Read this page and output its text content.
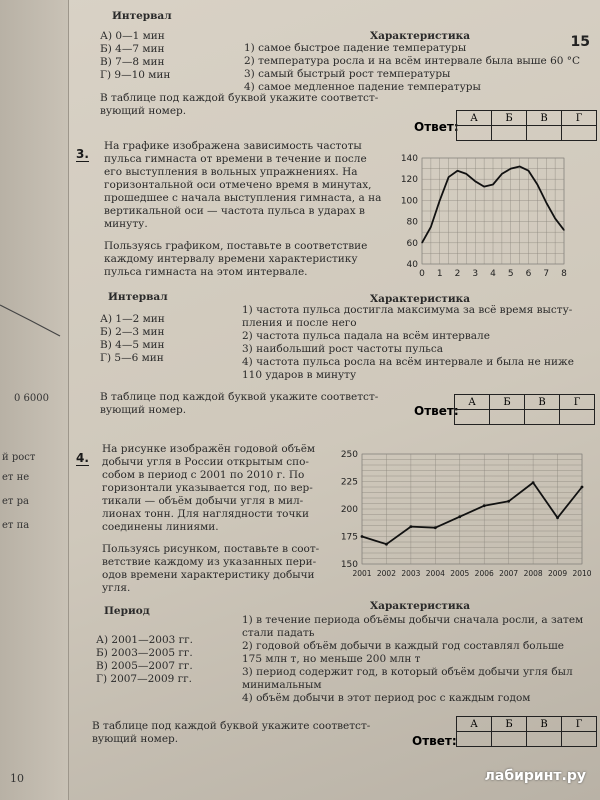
0 6000
й рост
ет не
ет ра
ет па
10
15
Интервал
Характеристика
А) 0—1 мин
Б) 4—7 мин
В) 7—8 мин
Г) 9—10 мин
1) самое быстрое падение температуры
2) температура росла и на всём интервале была выше 60 °С
3) самый быстрый рост температуры
4) самое медленное падение температуры
В таблице под каждой буквой укажите соответст-
вующий номер.
Ответ:
А	Б	В	Г

3.
На графике изображена зависимость частоты
пульса гимнаста от времени в течение и после
его выступления в вольных упражнениях. На
горизонтальной оси отмечено время в минутах,
прошедшее с начала выступления гимнаста, а на
вертикальной оси — частота пульса в ударах в
минуту.
Пользуясь графиком, поставьте в соответствие
каждому интервалу времени характеристику
пульса гимнаста на этом интервале.
40
60
80
100
120
140
0 1 2 3 4 5 6 7 8
Интервал	Характеристика
А) 1—2 мин
Б) 2—3 мин
В) 4—5 мин
Г) 5—6 мин
1) частота пульса достигла максимума за всё время высту-
пления и после него
2) частота пульса падала на всём интервале
3) наибольший рост частоты пульса
4) частота пульса росла на всём интервале и была не ниже
110 ударов в минуту
В таблице под каждой буквой укажите соответст-
вующий номер.	Ответ:
А	Б	В	Г

4.
На рисунке изображён годовой объём
добычи угля в России открытым спо-
собом в период с 2001 по 2010 г. По
горизонтали указывается год, по вер-
тикали — объём добычи угля в мил-
лионах тонн. Для наглядности точки
соединены линиями.
Пользуясь рисунком, поставьте в соот-
ветствие каждому из указанных пери-
одов времени характеристику добычи
угля.
150
175
200
225
250
2001 2002 2003 2004 2005 2006 2007 2008 2009 2010
Период	Характеристика
А) 2001—2003 гг.
Б) 2003—2005 гг.
В) 2005—2007 гг.
Г) 2007—2009 гг.
1) в течение периода объёмы добычи сначала росли, а затем
стали падать
2) годовой объём добычи в каждый год составлял больше
175 млн т, но меньше 200 млн т
3) период содержит год, в который объём добычи угля был
минимальным
4) объём добычи в этот период рос с каждым годом
В таблице под каждой буквой укажите соответст-
вующий номер.	Ответ:
А	Б	В	Г

лабиринт.ру
